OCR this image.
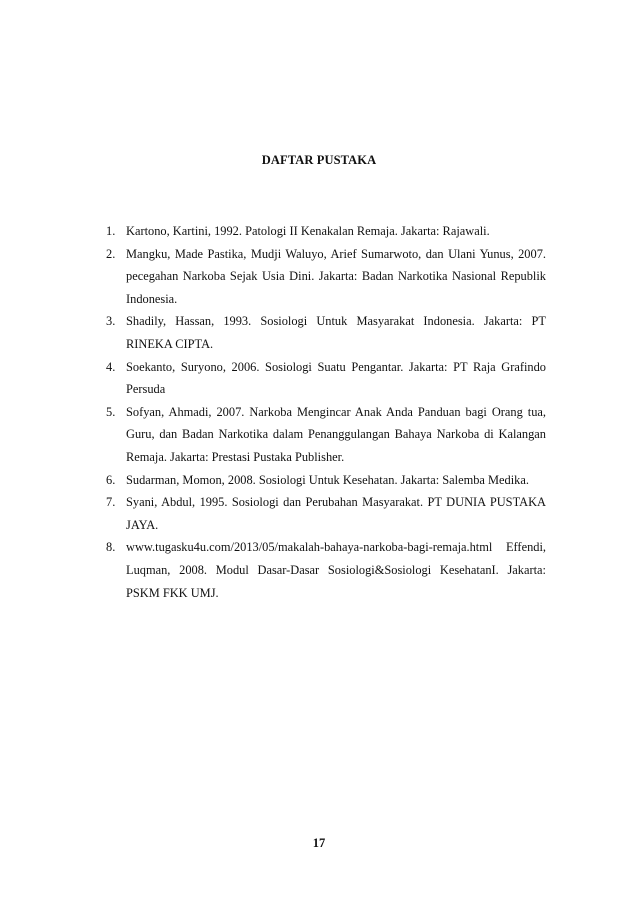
DAFTAR PUSTAKA
1. Kartono, Kartini, 1992. Patologi II Kenakalan Remaja. Jakarta: Rajawali.
2. Mangku, Made Pastika, Mudji Waluyo, Arief Sumarwoto, dan Ulani Yunus, 2007. pecegahan Narkoba Sejak Usia Dini. Jakarta: Badan Narkotika Nasional Republik Indonesia.
3. Shadily, Hassan, 1993. Sosiologi Untuk Masyarakat Indonesia. Jakarta: PT RINEKA CIPTA.
4. Soekanto, Suryono, 2006. Sosiologi Suatu Pengantar. Jakarta: PT Raja Grafindo Persuda
5. Sofyan, Ahmadi, 2007. Narkoba Mengincar Anak Anda Panduan bagi Orang tua, Guru, dan Badan Narkotika dalam Penanggulangan Bahaya Narkoba di Kalangan Remaja. Jakarta: Prestasi Pustaka Publisher.
6. Sudarman, Momon, 2008. Sosiologi Untuk Kesehatan. Jakarta: Salemba Medika.
7. Syani, Abdul, 1995. Sosiologi dan Perubahan Masyarakat. PT DUNIA PUSTAKA JAYA.
8. www.tugasku4u.com/2013/05/makalah-bahaya-narkoba-bagi-remaja.html Effendi, Luqman, 2008. Modul Dasar-Dasar Sosiologi&Sosiologi KesehatanI. Jakarta: PSKM FKK UMJ.
17
